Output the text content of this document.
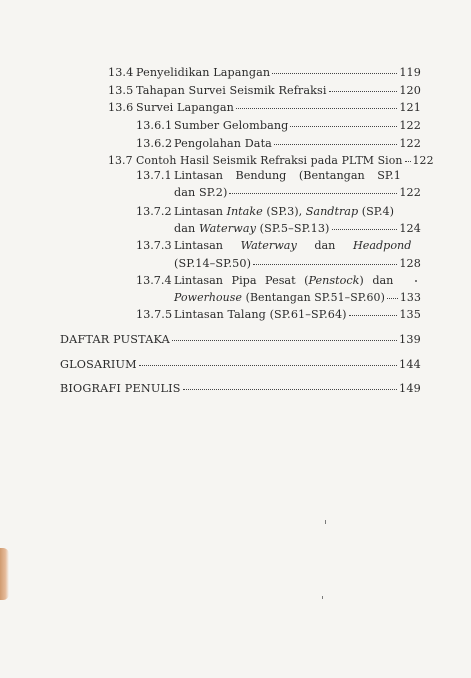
13.4 Penyelidikan Lapangan	119
13.5 Tahapan Survei Seismik Refraksi	120
13.6 Survei Lapangan	121
13.6.1 Sumber Gelombang	122
13.6.2 Pengolahan Data	122
13.7 Contoh Hasil Seismik Refraksi pada PLTM Sion 122
13.7.1 Lintasan Bendung (Bentangan SP.1
dan SP.2)	122
13.7.2 Lintasan Intake (SP.3), Sandtrap (SP.4)
dan Waterway (SP.5–SP.13)	124
13.7.3 Lintasan Waterway dan Headpond
(SP.14–SP.50)	128
13.7.4 Lintasan Pipa Pesat (Penstock) dan
Powerhouse (Bentangan SP.51–SP.60) 133
13.7.5 Lintasan Talang (SP.61–SP.64)	135
DAFTAR PUSTAKA	139
GLOSARIUM	144
BIOGRAFI PENULIS	149
